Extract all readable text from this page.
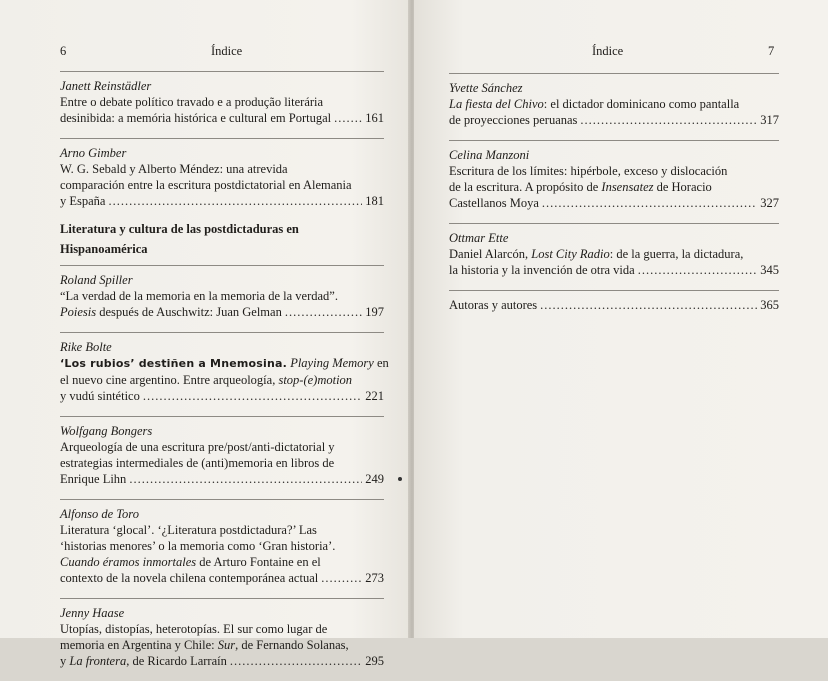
6	Índice
Janett Reinstädler
Entre o debate político travado e a produção literária
desinibida: a memória histórica e cultural em Portugal .....	161
Arno Gimber
W. G. Sebald y Alberto Méndez: una atrevida
comparación entre la escritura postdictatorial en Alemania
y España .....	181
Literatura y cultura de las postdictaduras en
Hispanoamérica
Roland Spiller
“La verdad de la memoria en la memoria de la verdad”.
Poiesis después de Auschwitz: Juan Gelman .....	197
Rike Bolte
‘Los rubios’ destiñen a Mnemosina. Playing Memory en
el nuevo cine argentino. Entre arqueología, stop-(e)motion
y vudú sintético .....	221
Wolfgang Bongers
Arqueología de una escritura pre/post/anti-dictatorial y
estrategias intermediales de (anti)memoria en libros de
Enrique Lihn .....	249
Alfonso de Toro
Literatura ‘glocal’. ‘¿Literatura postdictadura?’ Las
‘historias menores’ o la memoria como ‘Gran historia’.
Cuando éramos inmortales de Arturo Fontaine en el
contexto de la novela chilena contemporánea actual .....	273
Jenny Haase
Utopías, distopías, heterotopías. El sur como lugar de
memoria en Argentina y Chile: Sur, de Fernando Solanas,
y La frontera, de Ricardo Larraín .....	295
Índice	7
Yvette Sánchez
La fiesta del Chivo: el dictador dominicano como pantalla
de proyecciones peruanas .....	317
Celina Manzoni
Escritura de los límites: hipérbole, exceso y dislocación
de la escritura. A propósito de Insensatez de Horacio
Castellanos Moya .....	327
Ottmar Ette
Daniel Alarcón, Lost City Radio: de la guerra, la dictadura,
la historia y la invención de otra vida .....	345
Autoras y autores .....	365
